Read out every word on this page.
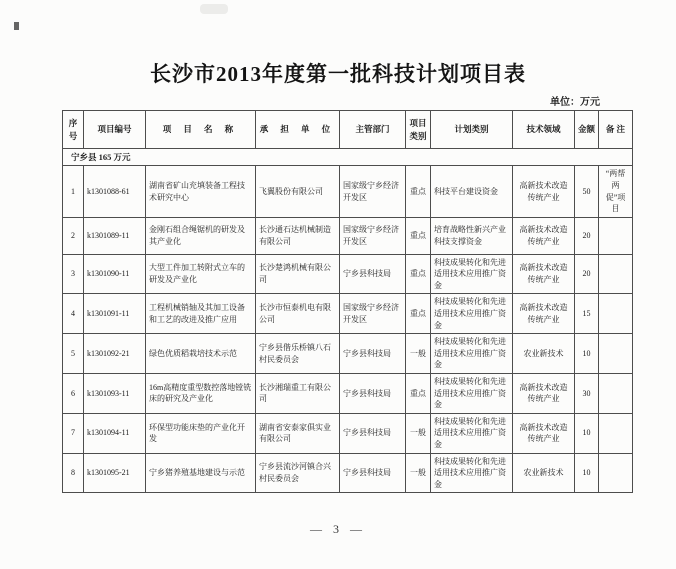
长沙市2013年度第一批科技计划项目表
单位：万元
序号	项目编号	项 目 名 称	承 担 单 位	主管部门	项目类别	计划类别	技术领域	金额	备 注
宁乡县 165 万元									
1	k1301088-61	湖南省矿山充填装备工程技术研究中心	飞翼股份有限公司	国家级宁乡经济开发区	重点	科技平台建设资金	高新技术改造传统产业	50	“两帮两促”项目
2	k1301089-11	金刚石组合绳锯机的研发及其产业化	长沙通石达机械制造有限公司	国家级宁乡经济开发区	重点	培育战略性新兴产业科技支撑资金	高新技术改造传统产业	20	
3	k1301090-11	大型工件加工转附式立车的研发及产业化	长沙楚鸿机械有限公司	宁乡县科技局	重点	科技成果转化和先进适用技术应用推广资金	高新技术改造传统产业	20	
4	k1301091-11	工程机械销轴及其加工设备和工艺的改进及推广应用	长沙市恒泰机电有限公司	国家级宁乡经济开发区	重点	科技成果转化和先进适用技术应用推广资金	高新技术改造传统产业	15	
5	k1301092-21	绿色优质稻栽培技术示范	宁乡县偕乐桥镇八石村民委员会	宁乡县科技局	一般	科技成果转化和先进适用技术应用推广资金	农业新技术	10	
6	k1301093-11	16m高精度重型数控落地镗铣床的研究及产业化	长沙湘瑞重工有限公司	宁乡县科技局	重点	科技成果转化和先进适用技术应用推广资金	高新技术改造传统产业	30	
7	k1301094-11	环保型功能床垫的产业化开发	湖南省安泰家俱实业有限公司	宁乡县科技局	一般	科技成果转化和先进适用技术应用推广资金	高新技术改造传统产业	10	
8	k1301095-21	宁乡猪养殖基地建设与示范	宁乡县流沙河镇合兴村民委员会	宁乡县科技局	一般	科技成果转化和先进适用技术应用推广资金	农业新技术	10	
— 3 —
